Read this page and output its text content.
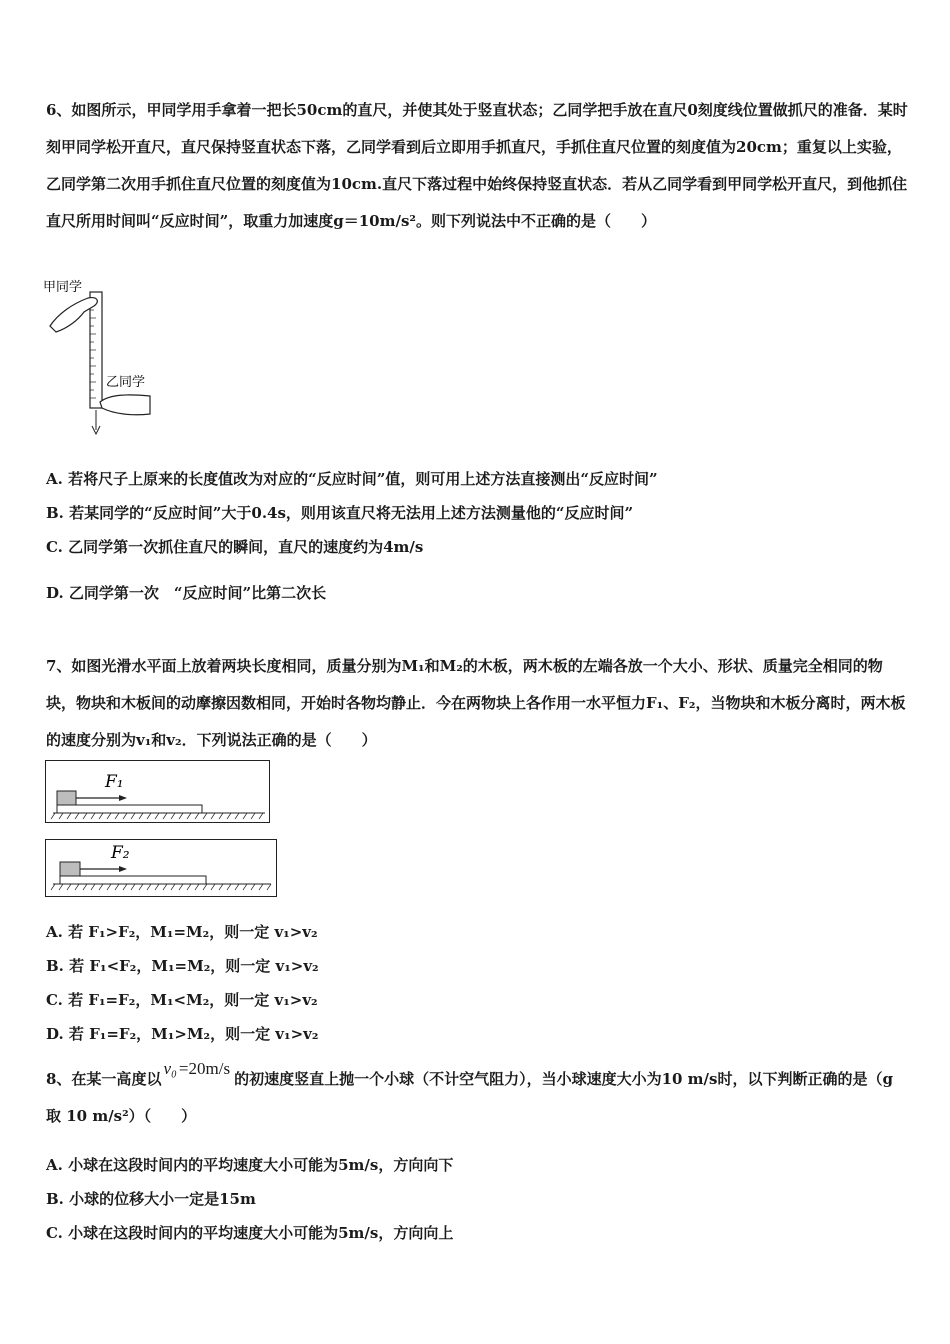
6、如图所示，甲同学用手拿着一把长50cm的直尺，并使其处于竖直状态；乙同学把手放在直尺0刻度线位置做抓尺的准备．某时刻甲同学松开直尺，直尺保持竖直状态下落，乙同学看到后立即用手抓直尺，手抓住直尺位置的刻度值为20cm；重复以上实验，乙同学第二次用手抓住直尺位置的刻度值为10cm.直尺下落过程中始终保持竖直状态．若从乙同学看到甲同学松开直尺，到他抓住直尺所用时间叫“反应时间”，取重力加速度g＝10m/s²。则下列说法中不正确的是（　　）
甲同学
乙同学
A. 若将尺子上原来的长度值改为对应的“反应时间”值，则可用上述方法直接测出“反应时间”
B. 若某同学的“反应时间”大于0.4s，则用该直尺将无法用上述方法测量他的“反应时间”
C. 乙同学第一次抓住直尺的瞬间，直尺的速度约为4m/s
D. 乙同学第一次　“反应时间”比第二次长
7、如图光滑水平面上放着两块长度相同，质量分别为M₁和M₂的木板，两木板的左端各放一个大小、形状、质量完全相同的物块，物块和木板间的动摩擦因数相同，开始时各物均静止．今在两物块上各作用一水平恒力F₁、F₂，当物块和木板分离时，两木板的速度分别为v₁和v₂．下列说法正确的是（　　）
F₁
F₂
A. 若 F₁>F₂，M₁=M₂，则一定 v₁>v₂
B. 若 F₁<F₂，M₁=M₂，则一定 v₁>v₂
C. 若 F₁=F₂，M₁<M₂，则一定 v₁>v₂
D. 若 F₁=F₂，M₁>M₂，则一定 v₁>v₂
8、在某一高度以v₀ =20m/s的初速度竖直上抛一个小球（不计空气阻力），当小球速度大小为10 m/s时，以下判断正确的是（g 取 10 m/s²）（　　）
A. 小球在这段时间内的平均速度大小可能为5m/s，方向向下
B. 小球的位移大小一定是15m
C. 小球在这段时间内的平均速度大小可能为5m/s，方向向上
